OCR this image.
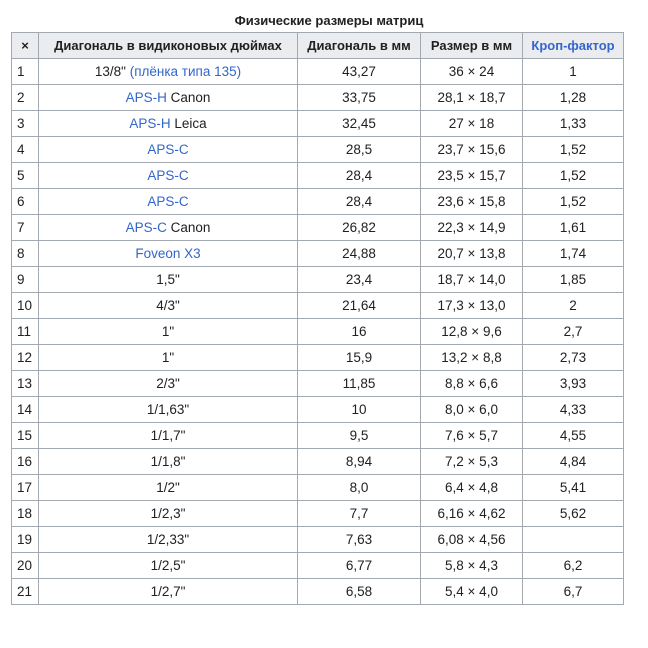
Физические размеры матриц
×	Диагональ в видиконовых дюймах	Диагональ в мм	Размер в мм	Кроп-фактор
1	13/8" (плёнка типа 135)	43,27	36 × 24	1
2	APS-H Canon	33,75	28,1 × 18,7	1,28
3	APS-H Leica	32,45	27 × 18	1,33
4	APS-C	28,5	23,7 × 15,6	1,52
5	APS-C	28,4	23,5 × 15,7	1,52
6	APS-C	28,4	23,6 × 15,8	1,52
7	APS-C Canon	26,82	22,3 × 14,9	1,61
8	Foveon X3	24,88	20,7 × 13,8	1,74
9	1,5"	23,4	18,7 × 14,0	1,85
10	4/3"	21,64	17,3 × 13,0	2
11	1"	16	12,8 × 9,6	2,7
12	1"	15,9	13,2 × 8,8	2,73
13	2/3"	11,85	8,8 × 6,6	3,93
14	1/1,63"	10	8,0 × 6,0	4,33
15	1/1,7"	9,5	7,6 × 5,7	4,55
16	1/1,8"	8,94	7,2 × 5,3	4,84
17	1/2"	8,0	6,4 × 4,8	5,41
18	1/2,3"	7,7	6,16 × 4,62	5,62
19	1/2,33"	7,63	6,08 × 4,56	
20	1/2,5"	6,77	5,8 × 4,3	6,2
21	1/2,7"	6,58	5,4 × 4,0	6,7
